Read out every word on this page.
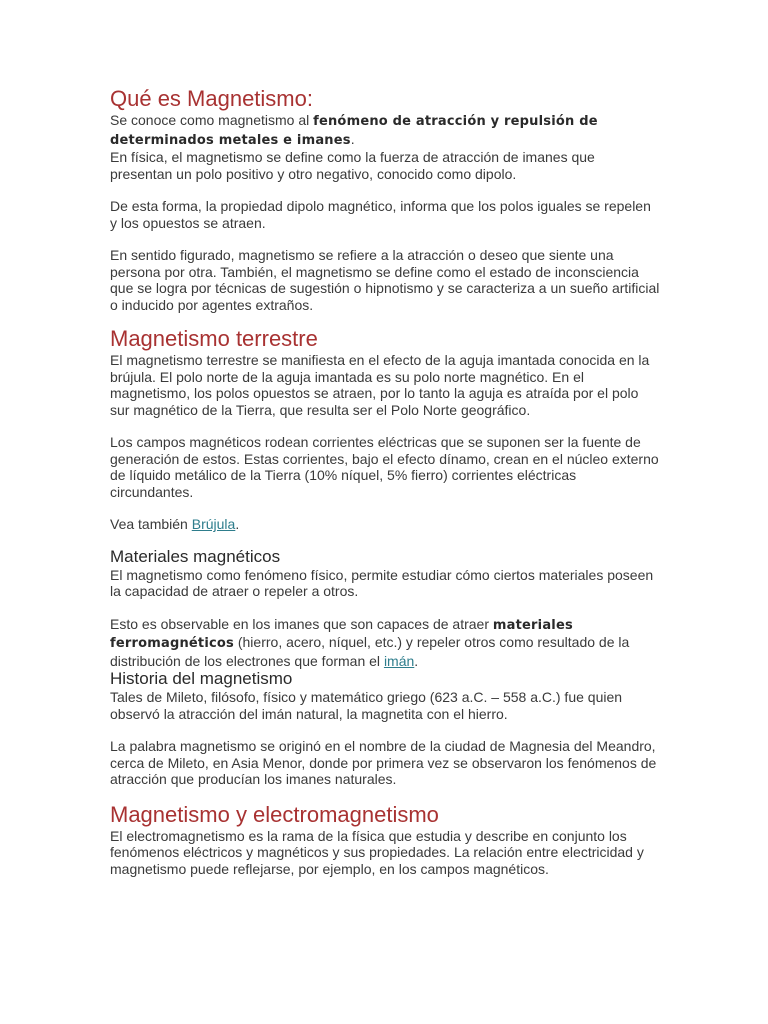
Qué es Magnetismo:

Se conoce como magnetismo al fenómeno de atracción y repulsión de determinados metales e imanes.

En física, el magnetismo se define como la fuerza de atracción de imanes que presentan un polo positivo y otro negativo, conocido como dipolo.

De esta forma, la propiedad dipolo magnético, informa que los polos iguales se repelen y los opuestos se atraen.

En sentido figurado, magnetismo se refiere a la atracción o deseo que siente una persona por otra. También, el magnetismo se define como el estado de inconsciencia que se logra por técnicas de sugestión o hipnotismo y se caracteriza a un sueño artificial o inducido por agentes extraños.

Magnetismo terrestre

El magnetismo terrestre se manifiesta en el efecto de la aguja imantada conocida en la brújula. El polo norte de la aguja imantada es su polo norte magnético. En el magnetismo, los polos opuestos se atraen, por lo tanto la aguja es atraída por el polo sur magnético de la Tierra, que resulta ser el Polo Norte geográfico.

Los campos magnéticos rodean corrientes eléctricas que se suponen ser la fuente de generación de estos. Estas corrientes, bajo el efecto dínamo, crean en el núcleo externo de líquido metálico de la Tierra (10% níquel, 5% fierro) corrientes eléctricas circundantes.

Vea también Brújula.

Materiales magnéticos

El magnetismo como fenómeno físico, permite estudiar cómo ciertos materiales poseen la capacidad de atraer o repeler a otros.

Esto es observable en los imanes que son capaces de atraer materiales ferromagnéticos (hierro, acero, níquel, etc.) y repeler otros como resultado de la distribución de los electrones que forman el imán.

Historia del magnetismo

Tales de Mileto, filósofo, físico y matemático griego (623 a.C. – 558 a.C.) fue quien observó la atracción del imán natural, la magnetita con el hierro.

La palabra magnetismo se originó en el nombre de la ciudad de Magnesia del Meandro, cerca de Mileto, en Asia Menor, donde por primera vez se observaron los fenómenos de atracción que producían los imanes naturales.

Magnetismo y electromagnetismo

El electromagnetismo es la rama de la física que estudia y describe en conjunto los fenómenos eléctricos y magnéticos y sus propiedades. La relación entre electricidad y magnetismo puede reflejarse, por ejemplo, en los campos magnéticos.
